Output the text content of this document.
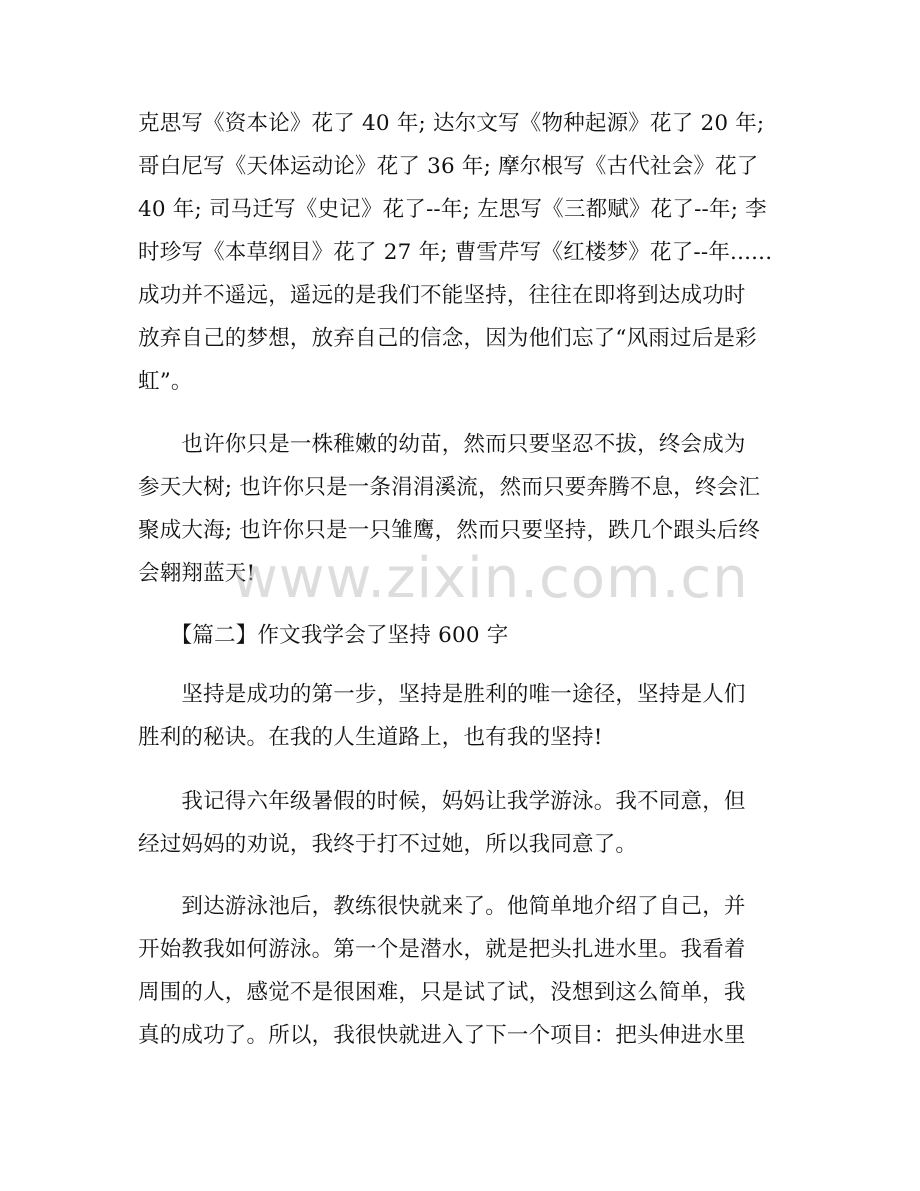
克思写《资本论》花了 40 年; 达尔文写《物种起源》花了 20 年;
哥白尼写《天体运动论》花了 36 年; 摩尔根写《古代社会》花了
40 年; 司马迁写《史记》花了--年; 左思写《三都赋》花了--年; 李
时珍写《本草纲目》花了 27 年; 曹雪芹写《红楼梦》花了--年......
成功并不遥远，遥远的是我们不能坚持，往往在即将到达成功时
放弃自己的梦想，放弃自己的信念，因为他们忘了“风雨过后是彩
虹”。
　　也许你只是一株稚嫩的幼苗，然而只要坚忍不拔，终会成为
参天大树; 也许你只是一条涓涓溪流，然而只要奔腾不息，终会汇
聚成大海; 也许你只是一只雏鹰，然而只要坚持，跌几个跟头后终
会翱翔蓝天!
　　【篇二】作文我学会了坚持 600 字
　　坚持是成功的第一步，坚持是胜利的唯一途径，坚持是人们
胜利的秘诀。在我的人生道路上，也有我的坚持!
　　我记得六年级暑假的时候，妈妈让我学游泳。我不同意，但
经过妈妈的劝说，我终于打不过她，所以我同意了。
　　到达游泳池后，教练很快就来了。他简单地介绍了自己，并
开始教我如何游泳。第一个是潜水，就是把头扎进水里。我看着
周围的人，感觉不是很困难，只是试了试，没想到这么简单，我
真的成功了。所以，我很快就进入了下一个项目：把头伸进水里
www.zixin.com.cn
